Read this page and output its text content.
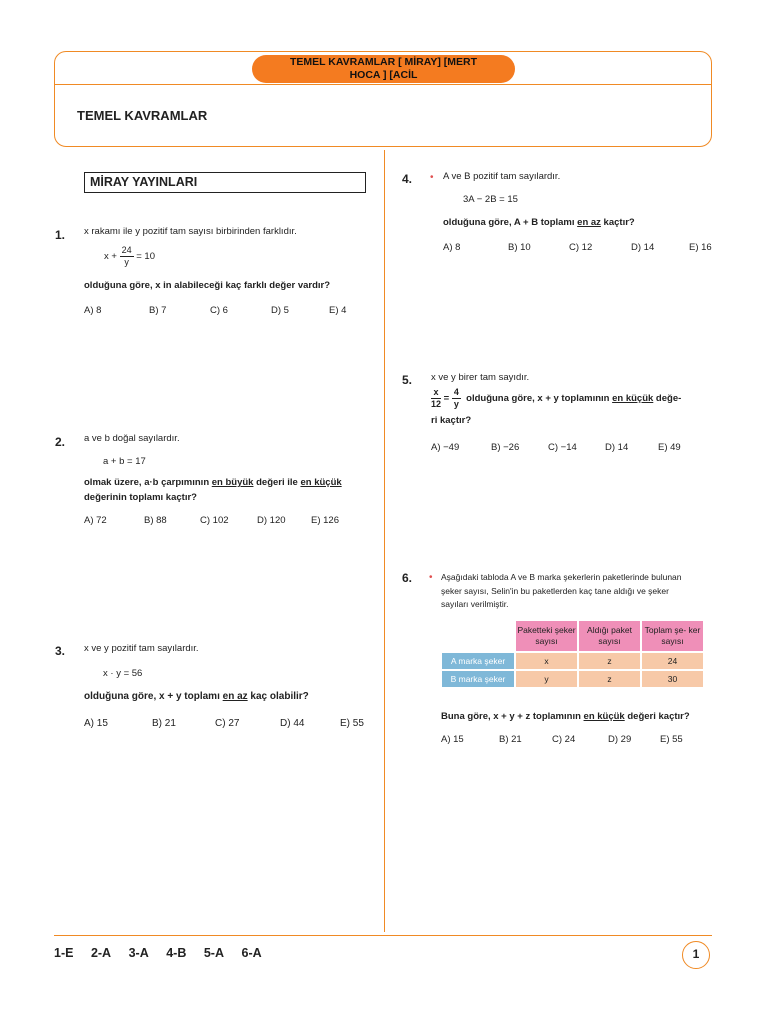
TEMEL KAVRAMLAR [ MİRAY] [MERT
HOCA ] [ACİL
TEMEL KAVRAMLAR
MİRAY YAYINLARI
1. x rakamı ile y pozitif tam sayısı birbirinden farklıdır.
$x + \frac{24}{y} = 10$
olduğuna göre, x in alabileceği kaç farklı değer vardır?
A) 8	B) 7	C) 6	D) 5	E) 4
2. a ve b doğal sayılardır.
a + b = 17
olmak üzere, a·b çarpımının en büyük değeri ile en küçük
değerinin toplamı kaçtır?
A) 72	B) 88	C) 102	D) 120	E) 126
3. x ve y pozitif tam sayılardır.
x · y = 56
olduğuna göre, x + y toplamı en az kaç olabilir?
A) 15	B) 21	C) 27	D) 44	E) 55
4. • A ve B pozitif tam sayılardır.
3A − 2B = 15
olduğuna göre, A + B toplamı en az kaçtır?
A) 8	B) 10	C) 12	D) 14	E) 16
5. x ve y birer tam sayıdır.
$\frac{x}{12} = \frac{4}{y}$ olduğuna göre, x + y toplamının en küçük değe-
ri kaçtır?
A) −49	B) −26	C) −14	D) 14	E) 49
6. • Aşağıdaki tabloda A ve B marka şekerlerin paketlerinde bulunan
şeker sayısı, Selin'in bu paketlerden kaç tane aldığı ve şeker
sayıları verilmiştir.
	Paketteki şeker sayısı	Aldığı paket sayısı	Toplam şe- ker sayısı
A marka şeker	x	z	24
B marka şeker	y	z	30
Buna göre, x + y + z toplamının en küçük değeri kaçtır?
A) 15	B) 21	C) 24	D) 29	E) 55
1-E 2-A 3-A 4-B 5-A 6-A	1
